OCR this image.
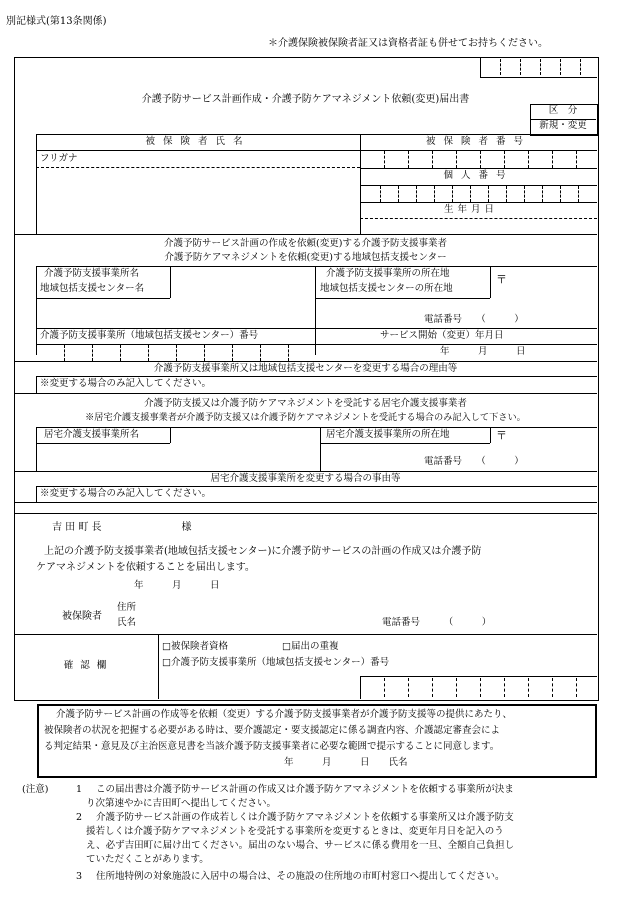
別記様式(第13条関係)
＊介護保険被保険者証又は資格者証も併せてお持ちください。
介護予防サービス計画作成・介護予防ケアマネジメント依頼(変更)届出書
区　分
新規・変更
被保険者氏名	被保険者番号
フリガナ
個人番号
生年月日
介護予防サービス計画の作成を依頼(変更)する介護予防支援事業者
介護予防ケアマネジメントを依頼(変更)する地域包括支援センター
介護予防支援事業所名
地域包括支援センター名
介護予防支援事業所の所在地
地域包括支援センターの所在地
〒
電話番号　　（　　　）
介護予防支援事業所（地域包括支援センター）番号	サービス開始（変更）年月日
年　　　月　　　日
介護予防支援事業所又は地域包括支援センターを変更する場合の理由等
※変更する場合のみ記入してください。
介護予防支援又は介護予防ケアマネジメントを受託する居宅介護支援事業者
※居宅介護支援事業者が介護予防支援又は介護予防ケアマネジメントを受託する場合のみ記入して下さい。
居宅介護支援事業所名	居宅介護支援事業所の所在地	〒
電話番号　　（　　　）
居宅介護支援事業所を変更する場合の事由等
※変更する場合のみ記入してください。
吉 田 町 長　　　　　　　　様
上記の介護予防支援事業者(地域包括支援センター)に介護予防サービスの計画の作成又は介護予防
ケアマネジメントを依頼することを届出します。
年　　　月　　　日
被保険者
住所
氏名	電話番号　　　（　　　）
確 認 欄
□被保険者資格	□届出の重複
□介護予防支援事業所（地域包括支援センター）番号
介護予防サービス計画の作成等を依頼（変更）する介護予防支援事業者が介護予防支援等の提供にあたり、
被保険者の状況を把握する必要がある時は、要介護認定・要支援認定に係る調査内容、介護認定審査会によ
る判定結果・意見及び主治医意見書を当該介護予防支援事業者に必要な範囲で提示することに同意します。
年　　　月　　　日　　氏名
(注意)	1 この届出書は介護予防サービス計画の作成又は介護予防ケアマネジメントを依頼する事業所が決ま
り次第速やかに吉田町へ提出してください。
2 介護予防サービス計画の作成若しくは介護予防ケアマネジメントを依頼する事業所又は介護予防支
援若しくは介護予防ケアマネジメントを受託する事業所を変更するときは、変更年月日を記入のう
え、必ず吉田町に届け出てください。届出のない場合、サービスに係る費用を一旦、全額自己負担し
ていただくことがあります。
3 住所地特例の対象施設に入居中の場合は、その施設の住所地の市町村窓口へ提出してください。
